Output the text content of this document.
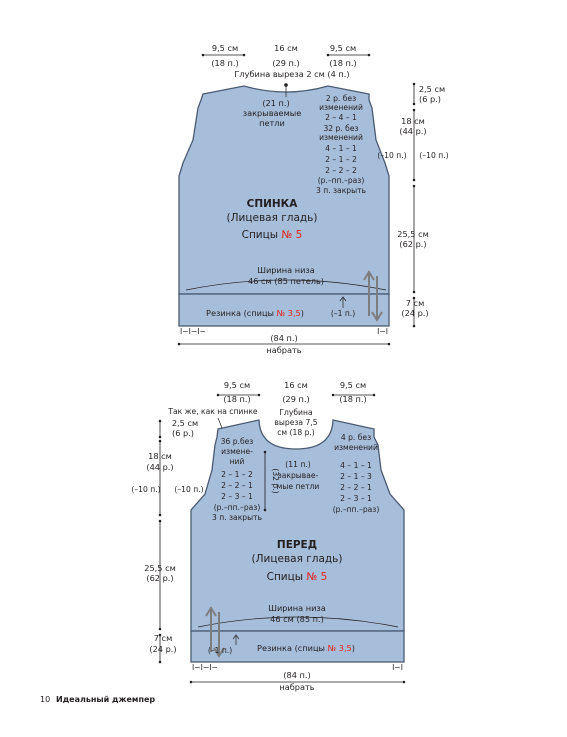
9,5 см
(18 п.)
16 см
(29 п.)
9,5 см
(18 п.)
Глубина выреза 2 см (4 п.)
(21 п.)
закрываемые
петли
2 р. без
изменений
2 – 4 – 1
32 р. без
изменений
4 – 1 – 1
2 – 1 – 2
2 – 2 – 2
(р.–пп.–раз)
3 п. закрыть
(–10 п.) (–10 п.)
2,5 см
(6 р.)
18 см
(44 р.)
25,5 см
(62 р.)
7 см
(24 р.)
СПИНКА
(Лицевая гладь)
Спицы № 5
Ширина низа
46 см (85 петель)
Резинка (спицы № 3,5)	(–1 п.)
I−I−I−	I−I
(84 п.)
набрать
9,5 см
(18 п.)
16 см
(29 п.)
9,5 см
(18 п.)
Так же, как на спинке
2,5 см
(6 р.)
Глубина
выреза 7,5
см (18 р.)
36 р.без
измене-
ний
2 – 1 – 2
2 – 2 – 1
2 – 3 – 1
(р.–пп.–раз)
3 п. закрыть
(32 р.)
(11 п.)
закрывае-
мые петли
4 р. без
изменений
4 – 1 – 1
2 – 1 – 3
2 – 2 – 1
2 – 3 – 1
(р.–пп.–раз)
18 см
(44 р.)
(–10 п.) (–10 п.)
25,5 см
(62 р.)
7 см
(24 р.)
ПЕРЕД
(Лицевая гладь)
Спицы № 5
Ширина низа
46 см (85 п.)
(–1 п.)	Резинка (спицы № 3,5)
I−I−I−	I−I
(84 п.)
набрать
10 Идеальный джемпер
